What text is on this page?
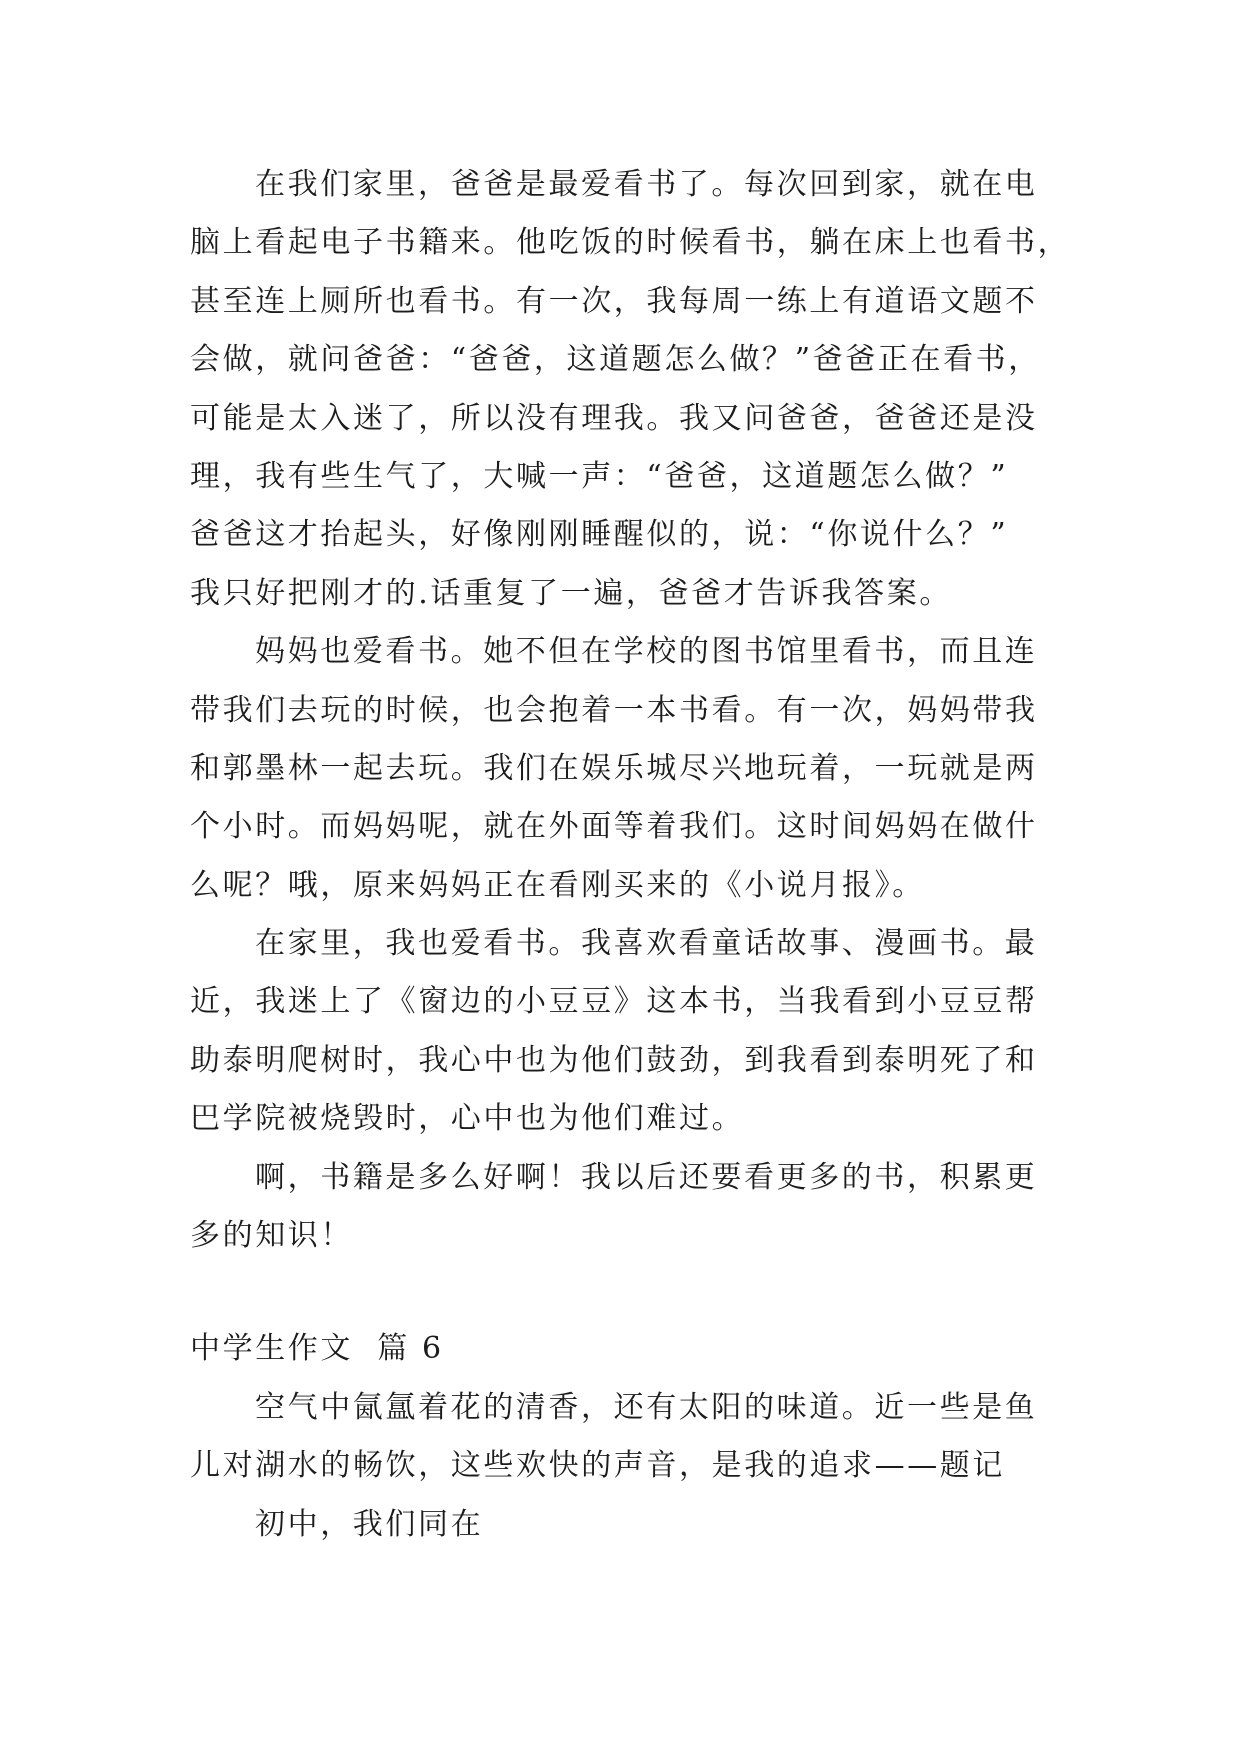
在我们家里，爸爸是最爱看书了。每次回到家，就在电
脑上看起电子书籍来。他吃饭的时候看书，躺在床上也看书，
甚至连上厕所也看书。有一次，我每周一练上有道语文题不
会做，就问爸爸：“爸爸，这道题怎么做？”爸爸正在看书，
可能是太入迷了，所以没有理我。我又问爸爸，爸爸还是没
理，我有些生气了，大喊一声：“爸爸，这道题怎么做？”
爸爸这才抬起头，好像刚刚睡醒似的，说：“你说什么？”
我只好把刚才的.话重复了一遍，爸爸才告诉我答案。
妈妈也爱看书。她不但在学校的图书馆里看书，而且连
带我们去玩的时候，也会抱着一本书看。有一次，妈妈带我
和郭墨林一起去玩。我们在娱乐城尽兴地玩着，一玩就是两
个小时。而妈妈呢，就在外面等着我们。这时间妈妈在做什
么呢？哦，原来妈妈正在看刚买来的《小说月报》。
在家里，我也爱看书。我喜欢看童话故事、漫画书。最
近，我迷上了《窗边的小豆豆》这本书，当我看到小豆豆帮
助泰明爬树时，我心中也为他们鼓劲，到我看到泰明死了和
巴学院被烧毁时，心中也为他们难过。
啊，书籍是多么好啊！我以后还要看更多的书，积累更
多的知识！
中学生作文  篇 6
空气中氤氲着花的清香，还有太阳的味道。近一些是鱼
儿对湖水的畅饮，这些欢快的声音，是我的追求——题记
初中，我们同在
